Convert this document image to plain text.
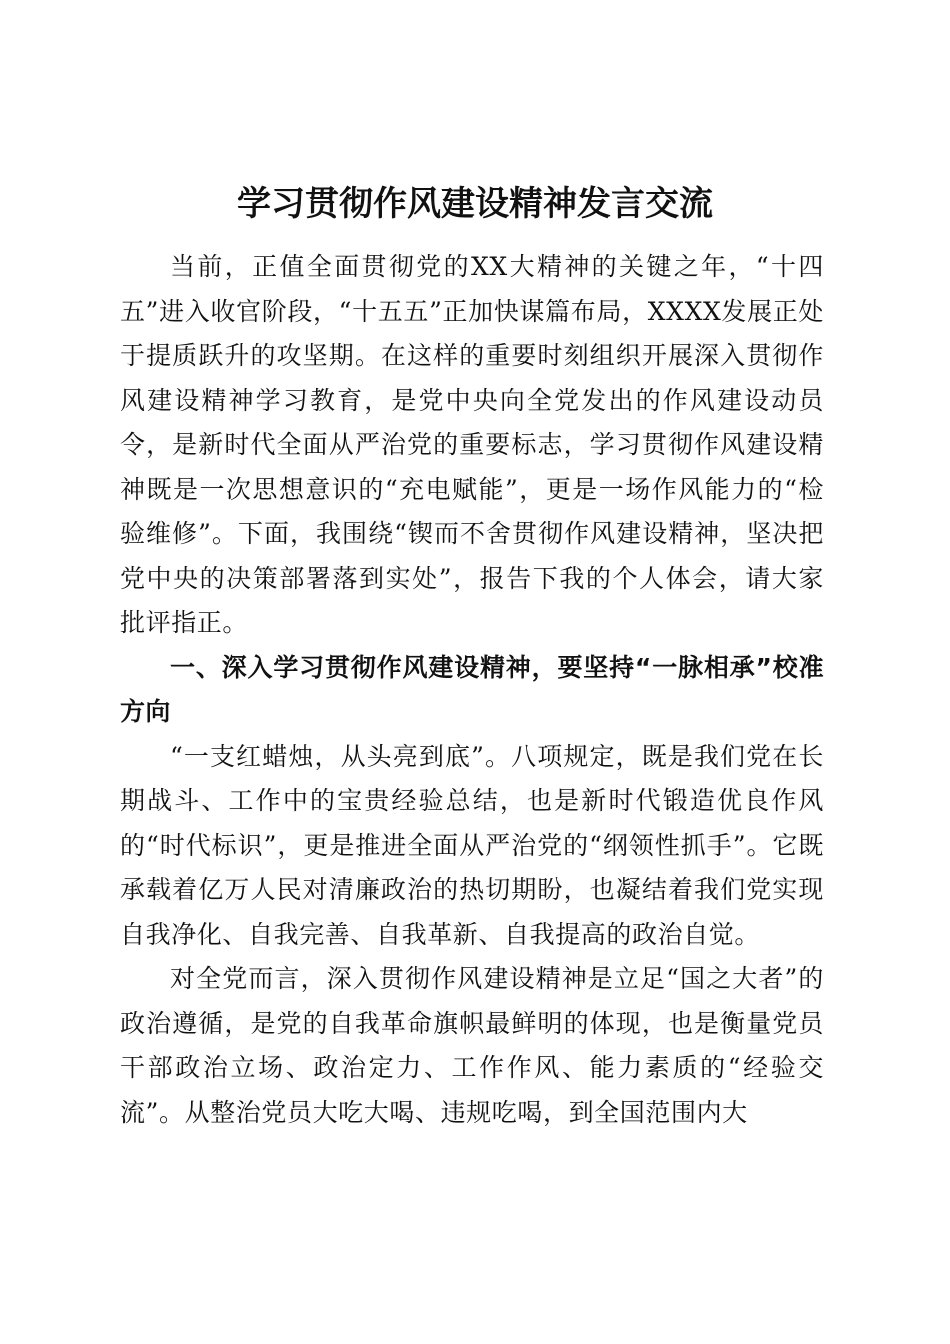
学习贯彻作风建设精神发言交流

当前，正值全面贯彻党的XX大精神的关键之年，“十四五”进入收官阶段，“十五五”正加快谋篇布局，XXXX发展正处于提质跃升的攻坚期。在这样的重要时刻组织开展深入贯彻作风建设精神学习教育，是党中央向全党发出的作风建设动员令，是新时代全面从严治党的重要标志，学习贯彻作风建设精神既是一次思想意识的“充电赋能”，更是一场作风能力的“检验维修”。下面，我围绕“锲而不舍贯彻作风建设精神，坚决把党中央的决策部署落到实处”，报告下我的个人体会，请大家批评指正。

一、深入学习贯彻作风建设精神，要坚持“一脉相承”校准方向

“一支红蜡烛，从头亮到底”。八项规定，既是我们党在长期战斗、工作中的宝贵经验总结，也是新时代锻造优良作风的“时代标识”，更是推进全面从严治党的“纲领性抓手”。它既承载着亿万人民对清廉政治的热切期盼，也凝结着我们党实现自我净化、自我完善、自我革新、自我提高的政治自觉。

对全党而言，深入贯彻作风建设精神是立足“国之大者”的政治遵循，是党的自我革命旗帜最鲜明的体现，也是衡量党员干部政治立场、政治定力、工作作风、能力素质的“经验交流”。从整治党员大吃大喝、违规吃喝，到全国范围内大
